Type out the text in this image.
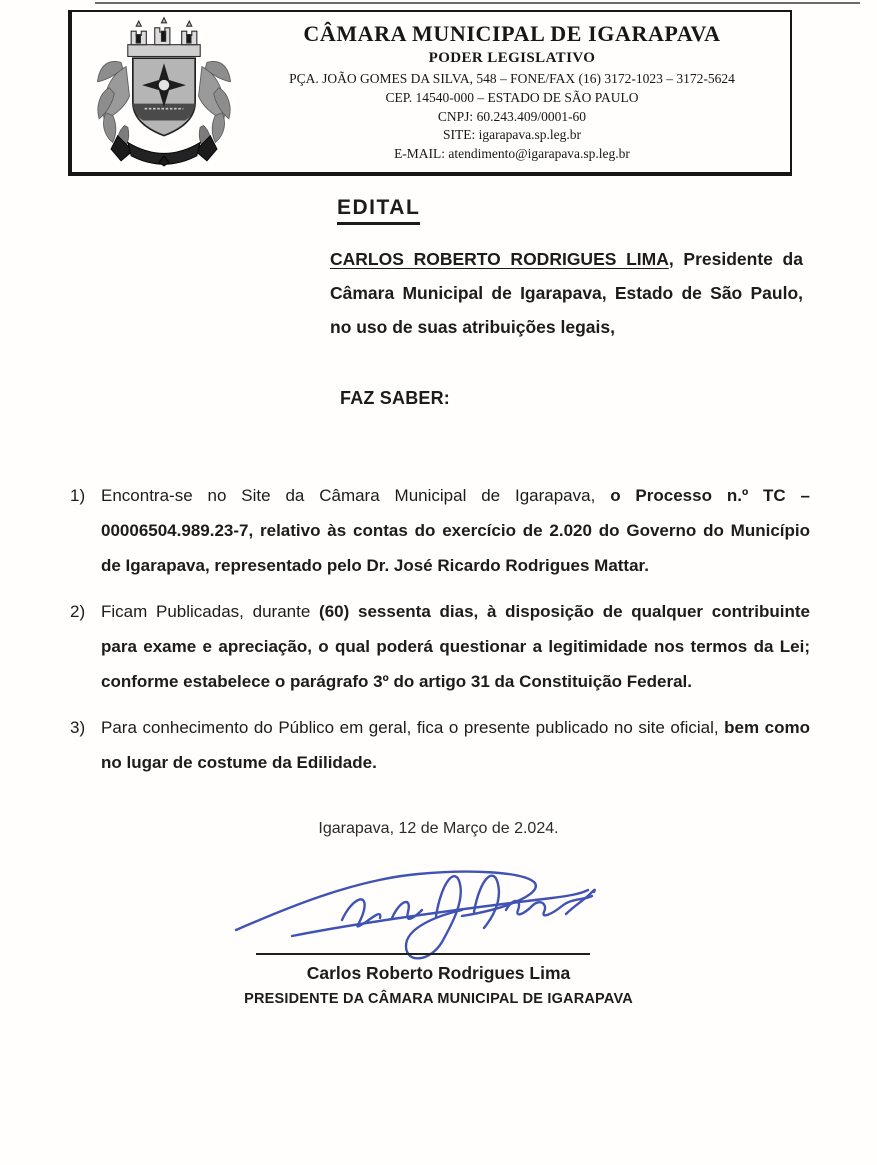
CÂMARA MUNICIPAL DE IGARAPAVA
PODER LEGISLATIVO
PÇA. JOÃO GOMES DA SILVA, 548 – FONE/FAX (16) 3172-1023 – 3172-5624
CEP. 14540-000 – ESTADO DE SÃO PAULO
CNPJ: 60.243.409/0001-60
SITE: igarapava.sp.leg.br
E-MAIL: atendimento@igarapava.sp.leg.br
EDITAL

CARLOS ROBERTO RODRIGUES LIMA, Presidente da Câmara Municipal de Igarapava, Estado de São Paulo, no uso de suas atribuições legais,

FAZ SABER:
1) Encontra-se no Site da Câmara Municipal de Igarapava, o Processo n.º TC – 00006504.989.23-7, relativo às contas do exercício de 2.020 do Governo do Município de Igarapava, representado pelo Dr. José Ricardo Rodrigues Mattar.
2) Ficam Publicadas, durante (60) sessenta dias, à disposição de qualquer contribuinte para exame e apreciação, o qual poderá questionar a legitimidade nos termos da Lei; conforme estabelece o parágrafo 3º do artigo 31 da Constituição Federal.
3) Para conhecimento do Público em geral, fica o presente publicado no site oficial, bem como no lugar de costume da Edilidade.
Igarapava, 12 de Março de 2.024.
Carlos Roberto Rodrigues Lima
PRESIDENTE DA CÂMARA MUNICIPAL DE IGARAPAVA
